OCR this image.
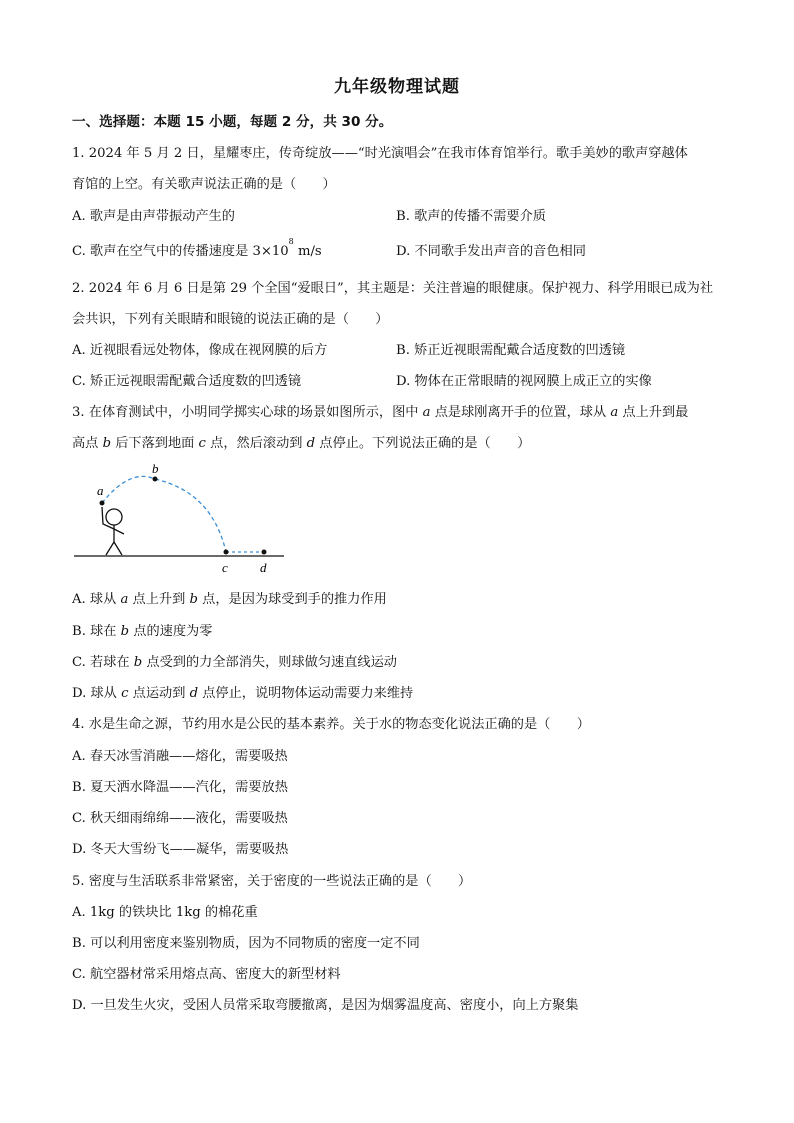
九年级物理试题
一、选择题：本题 15 小题，每题 2 分，共 30 分。
1. 2024 年 5 月 2 日，星耀枣庄，传奇绽放——“时光演唱会”在我市体育馆举行。歌手美妙的歌声穿越体
育馆的上空。有关歌声说法正确的是（　　）
A. 歌声是由声带振动产生的	B. 歌声的传播不需要介质
C. 歌声在空气中的传播速度是 $3\times 10^8$ m/s	D. 不同歌手发出声音的音色相同
2. 2024 年 6 月 6 日是第 29 个全国“爱眼日”，其主题是：关注普遍的眼健康。保护视力、科学用眼已成为社
会共识，下列有关眼睛和眼镜的说法正确的是（　　）
A. 近视眼看远处物体，像成在视网膜的后方	B. 矫正近视眼需配戴合适度数的凹透镜
C. 矫正远视眼需配戴合适度数的凹透镜	D. 物体在正常眼睛的视网膜上成正立的实像
3. 在体育测试中，小明同学掷实心球的场景如图所示，图中 a 点是球刚离开手的位置，球从 a 点上升到最
高点 b 后下落到地面 c 点，然后滚动到 d 点停止。下列说法正确的是（　　）
a
b
c d
A. 球从 a 点上升到 b 点，是因为球受到手的推力作用
B. 球在 b 点的速度为零
C. 若球在 b 点受到的力全部消失，则球做匀速直线运动
D. 球从 c 点运动到 d 点停止，说明物体运动需要力来维持
4. 水是生命之源，节约用水是公民的基本素养。关于水的物态变化说法正确的是（　　）
A. 春天冰雪消融——熔化，需要吸热
B. 夏天洒水降温——汽化，需要放热
C. 秋天细雨绵绵——液化，需要吸热
D. 冬天大雪纷飞——凝华，需要吸热
5. 密度与生活联系非常紧密，关于密度的一些说法正确的是（　　）
A. 1kg 的铁块比 1kg 的棉花重
B. 可以利用密度来鉴别物质，因为不同物质的密度一定不同
C. 航空器材常采用熔点高、密度大的新型材料
D. 一旦发生火灾，受困人员常采取弯腰撤离，是因为烟雾温度高、密度小，向上方聚集
